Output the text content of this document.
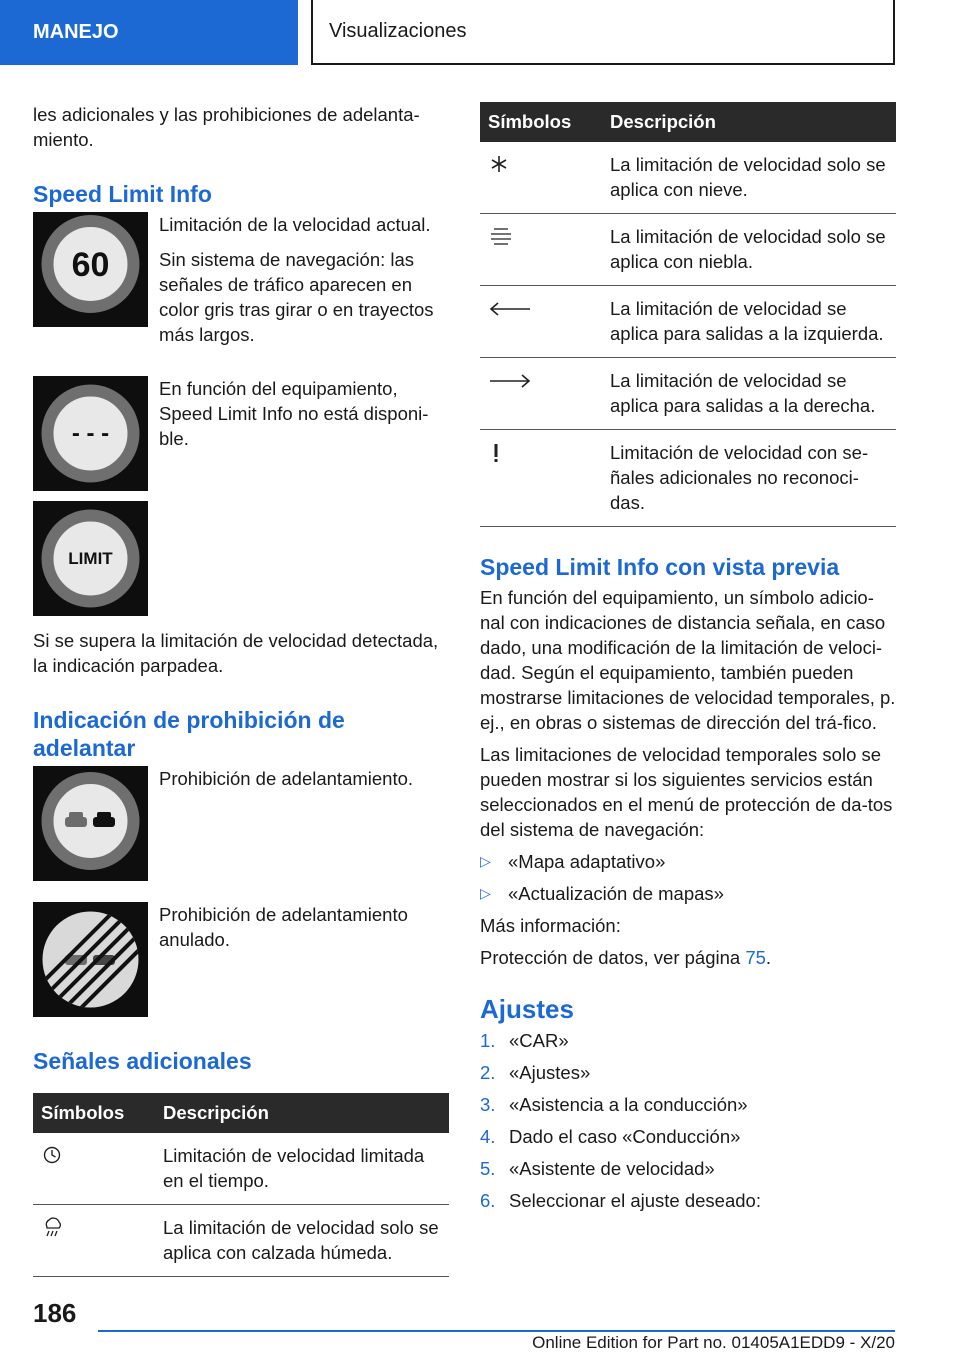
MANEJO	Visualizaciones

les adicionales y las prohibiciones de adelanta-miento.

Speed Limit Info
60

Limitación de la velocidad actual.

Sin sistema de navegación: las señales de tráfico aparecen en color gris tras girar o en trayectos más largos.

- - -

En función del equipamiento, Speed Limit Info no está disponi-ble.

LIMIT

Si se supera la limitación de velocidad detectada, la indicación parpadea.

Indicación de prohibición de adelantar

Prohibición de adelantamiento.

Prohibición de adelantamiento anulado.

Señales adicionales
Símbolos	Descripción
	Limitación de velocidad limitada en el tiempo.
	La limitación de velocidad solo se aplica con calzada húmeda.
Símbolos	Descripción
	La limitación de velocidad solo se aplica con nieve.
	La limitación de velocidad solo se aplica con niebla.
	La limitación de velocidad se aplica para salidas a la izquierda.
	La limitación de velocidad se aplica para salidas a la derecha.
	Limitación de velocidad con se-ñales adicionales no reconoci-das.
Speed Limit Info con vista previa

En función del equipamiento, un símbolo adicio-nal con indicaciones de distancia señala, en caso dado, una modificación de la limitación de veloci-dad. Según el equipamiento, también pueden mostrarse limitaciones de velocidad temporales, p. ej., en obras o sistemas de dirección del trá-fico.

Las limitaciones de velocidad temporales solo se pueden mostrar si los siguientes servicios están seleccionados en el menú de protección de da-tos del sistema de navegación:

▷ «Mapa adaptativo»
▷ «Actualización de mapas»

Más información:

Protección de datos, ver página 75.

Ajustes
1. «CAR»
2. «Ajustes»
3. «Asistencia a la conducción»
4. Dado el caso «Conducción»
5. «Asistente de velocidad»
6. Seleccionar el ajuste deseado:
186
Online Edition for Part no. 01405A1EDD9 - X/20
